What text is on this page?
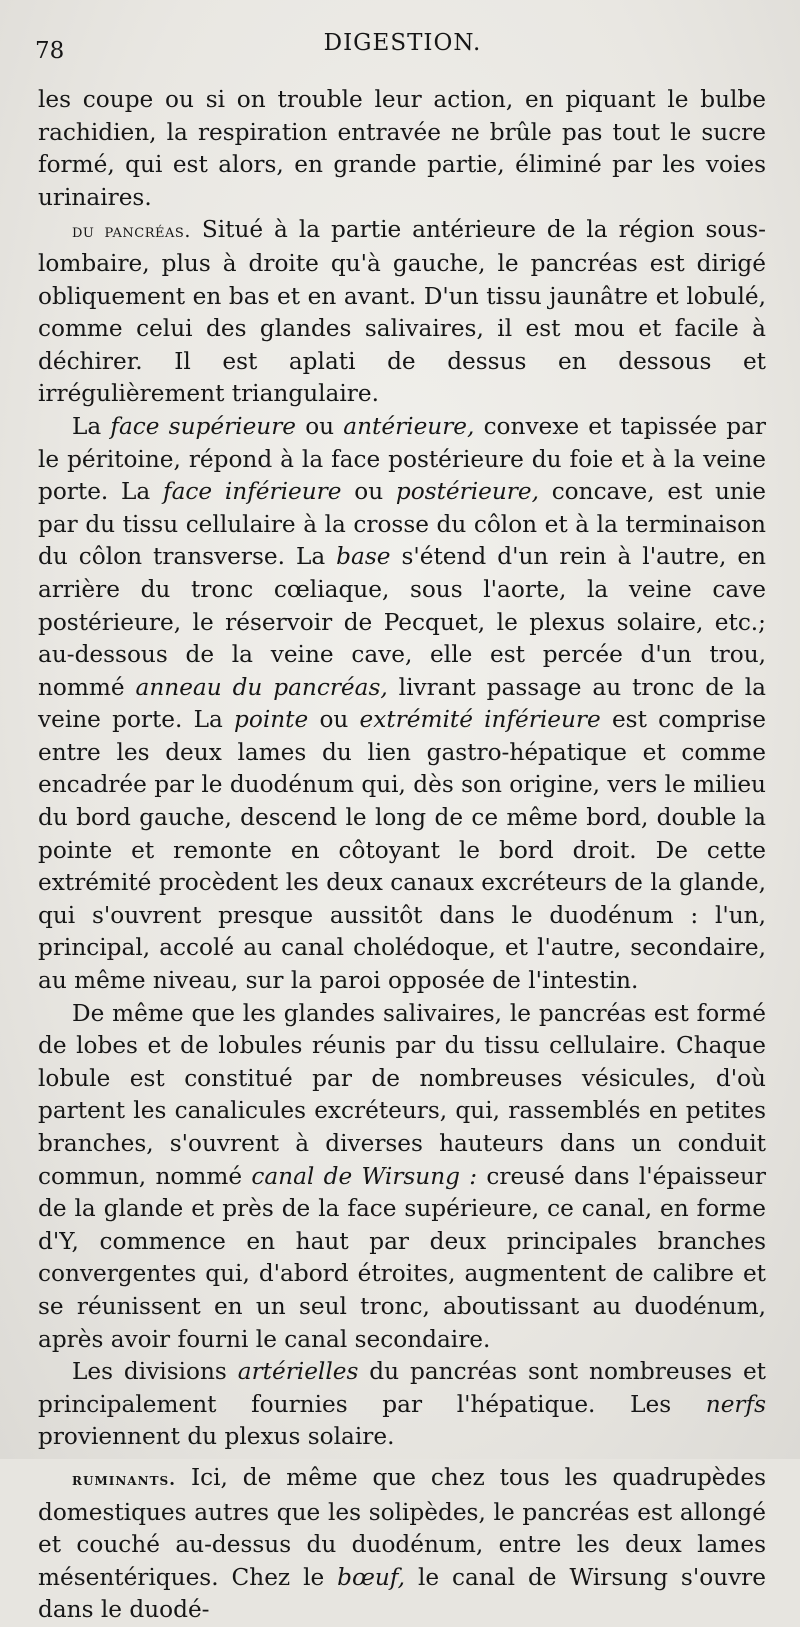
78	DIGESTION.

les coupe ou si on trouble leur action, en piquant le bulbe rachidien, la respiration entravée ne brûle pas tout le sucre formé, qui est alors, en grande partie, éliminé par les voies urinaires.

du pancréas. Situé à la partie antérieure de la région sous-lombaire, plus à droite qu'à gauche, le pancréas est dirigé obliquement en bas et en avant. D'un tissu jaunâtre et lobulé, comme celui des glandes salivaires, il est mou et facile à déchirer. Il est aplati de dessus en dessous et irrégulièrement triangulaire.

La face supérieure ou antérieure, convexe et tapissée par le péritoine, répond à la face postérieure du foie et à la veine porte. La face inférieure ou postérieure, concave, est unie par du tissu cellulaire à la crosse du côlon et à la terminaison du côlon transverse. La base s'étend d'un rein à l'autre, en arrière du tronc cœliaque, sous l'aorte, la veine cave postérieure, le réservoir de Pecquet, le plexus solaire, etc.; au-dessous de la veine cave, elle est percée d'un trou, nommé anneau du pancréas, livrant passage au tronc de la veine porte. La pointe ou extrémité inférieure est comprise entre les deux lames du lien gastro-hépatique et comme encadrée par le duodénum qui, dès son origine, vers le milieu du bord gauche, descend le long de ce même bord, double la pointe et remonte en côtoyant le bord droit. De cette extrémité procèdent les deux canaux excréteurs de la glande, qui s'ouvrent presque aussitôt dans le duodénum : l'un, principal, accolé au canal cholédoque, et l'autre, secondaire, au même niveau, sur la paroi opposée de l'intestin.

De même que les glandes salivaires, le pancréas est formé de lobes et de lobules réunis par du tissu cellulaire. Chaque lobule est constitué par de nombreuses vésicules, d'où partent les canalicules excréteurs, qui, rassemblés en petites branches, s'ouvrent à diverses hauteurs dans un conduit commun, nommé canal de Wirsung : creusé dans l'épaisseur de la glande et près de la face supérieure, ce canal, en forme d'Y, commence en haut par deux principales branches convergentes qui, d'abord étroites, augmentent de calibre et se réunissent en un seul tronc, aboutissant au duodénum, après avoir fourni le canal secondaire.

Les divisions artérielles du pancréas sont nombreuses et principalement fournies par l'hépatique. Les nerfs proviennent du plexus solaire.

ruminants. Ici, de même que chez tous les quadrupèdes domestiques autres que les solipèdes, le pancréas est allongé et couché au-dessus du duodénum, entre les deux lames mésentériques. Chez le bœuf, le canal de Wirsung s'ouvre dans le duodé-
